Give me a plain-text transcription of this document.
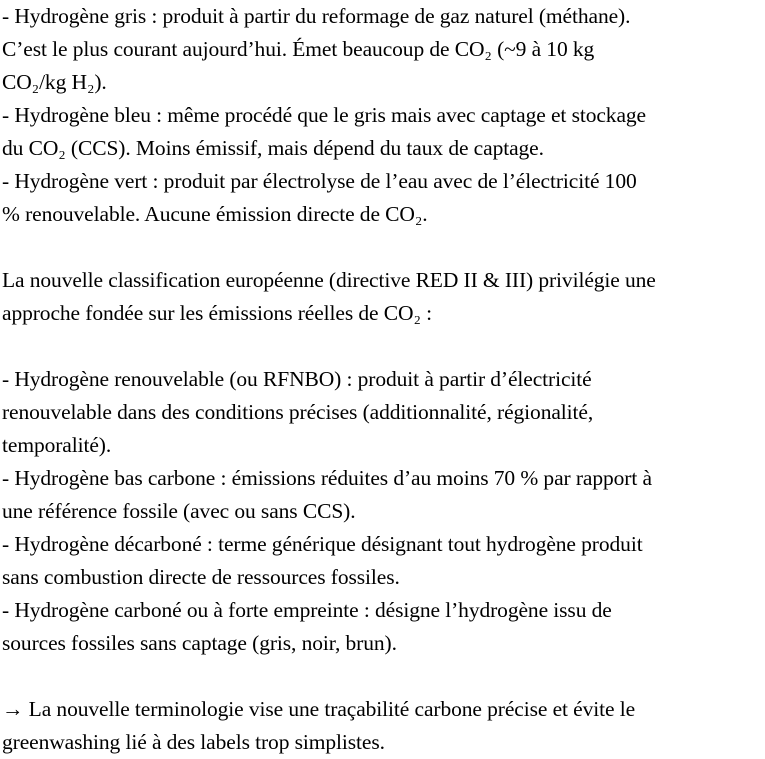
- Hydrogène gris : produit à partir du reformage de gaz naturel (méthane).

C’est le plus courant aujourd’hui. Émet beaucoup de CO₂ (~9 à 10 kg

CO₂/kg H₂).

- Hydrogène bleu : même procédé que le gris mais avec captage et stockage

du CO₂ (CCS). Moins émissif, mais dépend du taux de captage.

- Hydrogène vert : produit par électrolyse de l’eau avec de l’électricité 100

% renouvelable. Aucune émission directe de CO₂.

La nouvelle classification européenne (directive RED II & III) privilégie une

approche fondée sur les émissions réelles de CO₂ :

- Hydrogène renouvelable (ou RFNBO) : produit à partir d’électricité

renouvelable dans des conditions précises (additionnalité, régionalité,

temporalité).

- Hydrogène bas carbone : émissions réduites d’au moins 70 % par rapport à

une référence fossile (avec ou sans CCS).

- Hydrogène décarboné : terme générique désignant tout hydrogène produit

sans combustion directe de ressources fossiles.

- Hydrogène carboné ou à forte empreinte : désigne l’hydrogène issu de

sources fossiles sans captage (gris, noir, brun).

→ La nouvelle terminologie vise une traçabilité carbone précise et évite le

greenwashing lié à des labels trop simplistes.
